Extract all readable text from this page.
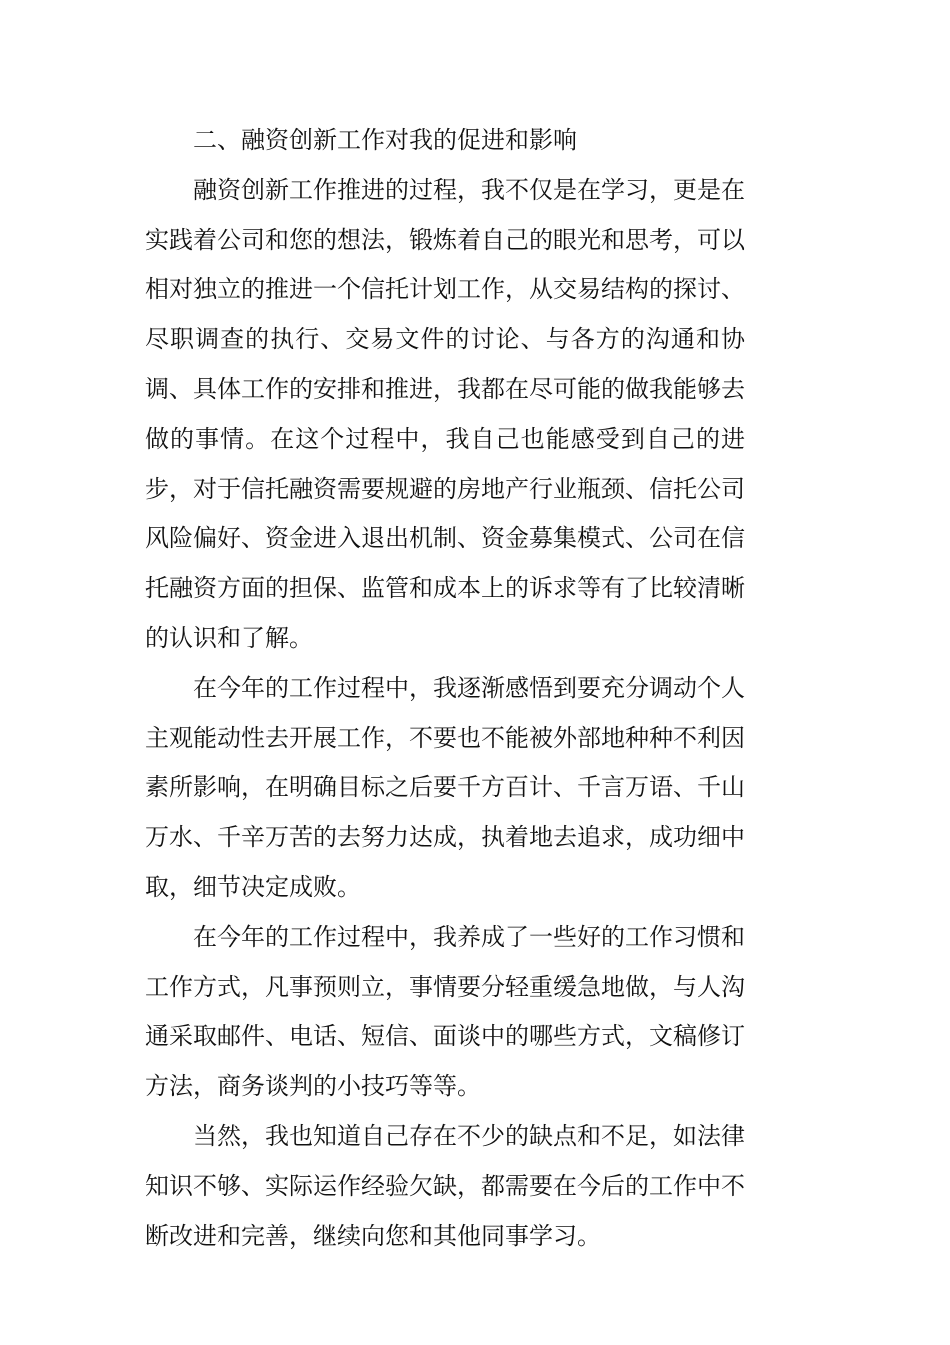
二、融资创新工作对我的促进和影响

融资创新工作推进的过程，我不仅是在学习，更是在实践着公司和您的想法，锻炼着自己的眼光和思考，可以相对独立的推进一个信托计划工作，从交易结构的探讨、尽职调查的执行、交易文件的讨论、与各方的沟通和协调、具体工作的安排和推进，我都在尽可能的做我能够去做的事情。在这个过程中，我自己也能感受到自己的进步，对于信托融资需要规避的房地产行业瓶颈、信托公司风险偏好、资金进入退出机制、资金募集模式、公司在信托融资方面的担保、监管和成本上的诉求等有了比较清晰的认识和了解。

在今年的工作过程中，我逐渐感悟到要充分调动个人主观能动性去开展工作，不要也不能被外部地种种不利因素所影响，在明确目标之后要千方百计、千言万语、千山万水、千辛万苦的去努力达成，执着地去追求，成功细中取，细节决定成败。

在今年的工作过程中，我养成了一些好的工作习惯和工作方式，凡事预则立，事情要分轻重缓急地做，与人沟通采取邮件、电话、短信、面谈中的哪些方式，文稿修订方法，商务谈判的小技巧等等。

当然，我也知道自己存在不少的缺点和不足，如法律知识不够、实际运作经验欠缺，都需要在今后的工作中不断改进和完善，继续向您和其他同事学习。
